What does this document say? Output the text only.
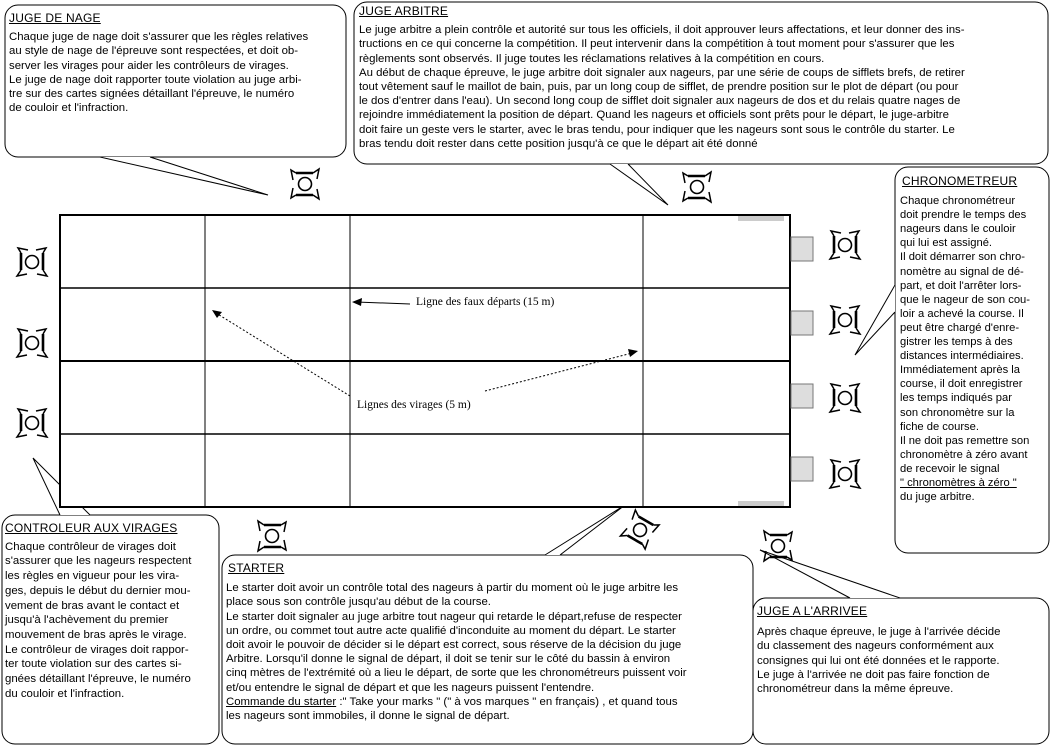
Ligne des faux départs (15 m)
Lignes des virages (5 m)
JUGE DE NAGE

Chaque juge de nage doit s'assurer que les règles relatives

au style de nage de l'épreuve sont respectées, et doit ob-

server les virages pour aider les contrôleurs de virages.

Le juge de nage doit rapporter toute violation au juge arbi-

tre sur des cartes signées détaillant l'épreuve, le numéro

de couloir et l'infraction.

JUGE ARBITRE

Le juge arbitre a plein contrôle et autorité sur tous les officiels, il doit approuver leurs affectations, et leur donner des ins-

tructions en ce qui concerne la compétition. Il peut intervenir dans la compétition à tout moment pour s'assurer que les

règlements sont observés. Il juge toutes les réclamations relatives à la compétition en cours.

Au début de chaque épreuve, le juge arbitre doit signaler aux nageurs, par une série de coups de sifflets brefs, de retirer

tout vêtement sauf le maillot de bain, puis, par un long coup de sifflet, de prendre position sur le plot de départ (ou pour

le dos d'entrer dans l'eau). Un second long coup de sifflet doit signaler aux nageurs de dos et du relais quatre nages de

rejoindre immédiatement la position de départ. Quand les nageurs et officiels sont prêts pour le départ, le juge-arbitre

doit faire un geste vers le starter, avec le bras tendu, pour indiquer que les nageurs sont sous le contrôle du starter. Le

bras tendu doit rester dans cette position jusqu'à ce que le départ ait été donné

CHRONOMETREUR

Chaque chronométreur

doit prendre le temps des

nageurs dans le couloir

qui lui est assigné.

Il doit démarrer son chro-

nomètre au signal de dé-

part, et doit l'arrêter lors-

que le nageur de son cou-

loir a achevé la course. Il

peut être chargé d'enre-

gistrer les temps à des

distances intermédiaires.

Immédiatement après la

course, il doit enregistrer

les temps indiqués par

son chronomètre sur la

fiche de course.

Il ne doit pas remettre son

chronomètre à zéro avant

de recevoir le signal

" chronomètres à zéro "

du juge arbitre.

CONTROLEUR AUX VIRAGES

Chaque contrôleur de virages doit

s'assurer que les nageurs respectent

les règles en vigueur pour les vira-

ges, depuis le début du dernier mou-

vement de bras avant le contact et

jusqu'à l'achèvement du premier

mouvement de bras après le virage.

Le contrôleur de virages doit rappor-

ter toute violation sur des cartes si-

gnées détaillant l'épreuve, le numéro

du couloir et l'infraction.

STARTER

Le starter doit avoir un contrôle total des nageurs à partir du moment où le juge arbitre les

place sous son contrôle jusqu'au début de la course.

Le starter doit signaler au juge arbitre tout nageur qui retarde le départ,refuse de respecter

un ordre, ou commet tout autre acte qualifié d'inconduite au moment du départ. Le starter

doit avoir le pouvoir de décider si le départ est correct, sous réserve de la décision du juge

Arbitre. Lorsqu'il donne le signal de départ, il doit se tenir sur le côté du bassin à environ

cinq mètres de l'extrémité où a lieu le départ, de sorte que les chronométreurs puissent voir

et/ou entendre le signal de départ et que les nageurs puissent l'entendre.

Commande du starter :" Take your marks " (" à vos marques " en français) , et quand tous

les nageurs sont immobiles, il donne le signal de départ.

JUGE A L'ARRIVEE

Après chaque épreuve, le juge à l'arrivée décide

du classement des nageurs conformément aux

consignes qui lui ont été données et le rapporte.

Le juge à l'arrivée ne doit pas faire fonction de

chronométreur dans la même épreuve.
